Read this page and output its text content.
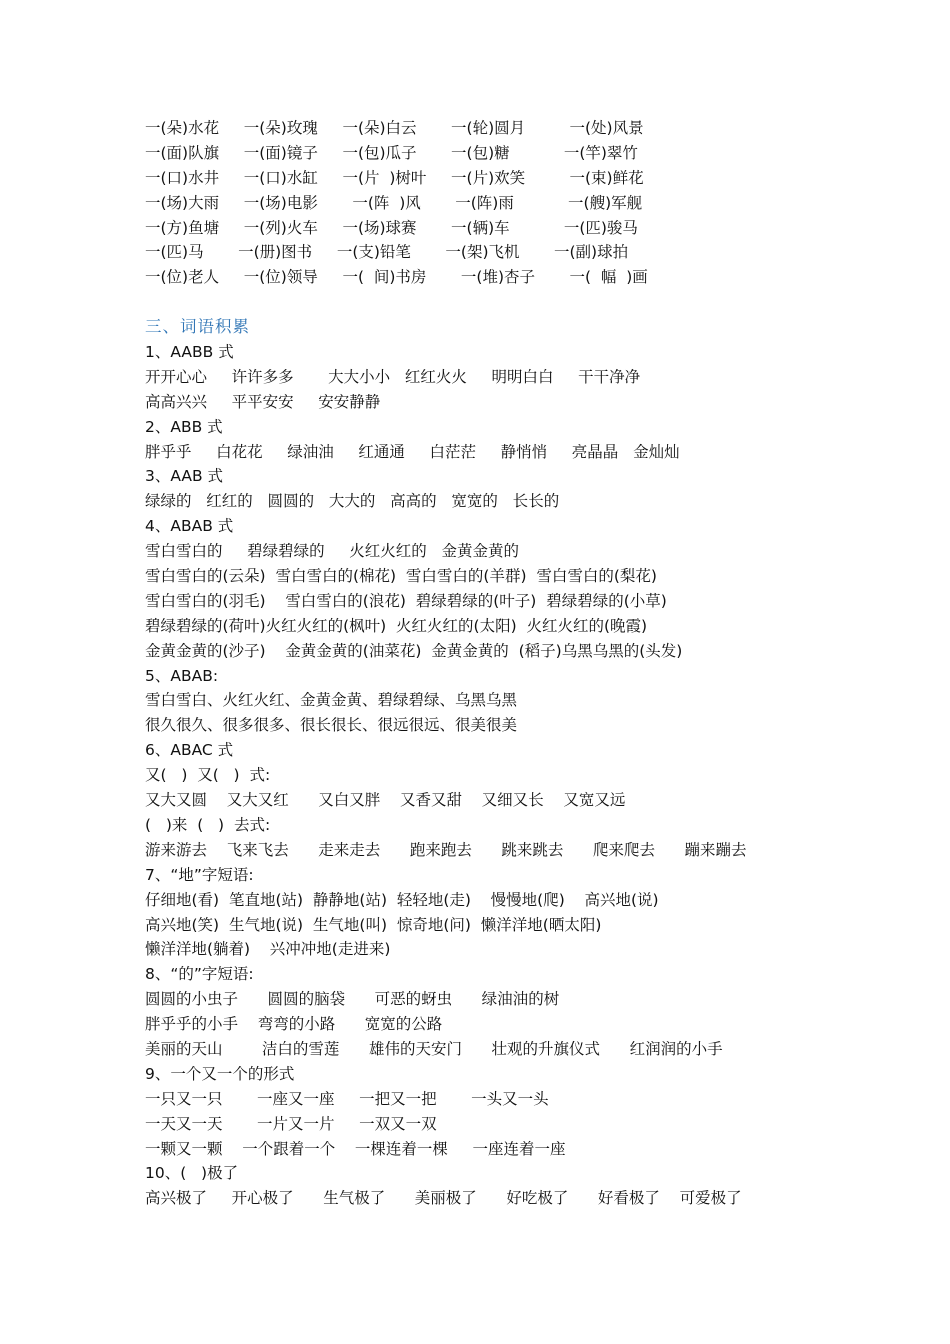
一(朵)水花     一(朵)玫瑰     一(朵)白云       一(轮)圆月         一(处)风景
一(面)队旗     一(面)镜子     一(包)瓜子       一(包)糖           一(竿)翠竹
一(口)水井     一(口)水缸     一(片  )树叶     一(片)欢笑         一(束)鲜花
一(场)大雨     一(场)电影       一(阵  )风       一(阵)雨           一(艘)军舰
一(方)鱼塘     一(列)火车     一(场)球赛       一(辆)车           一(匹)骏马
一(匹)马       一(册)图书     一(支)铅笔       一(架)飞机       一(副)球拍
一(位)老人     一(位)领导     一(  间)书房       一(堆)杏子       一(  幅  )画
三、词语积累
1、AABB 式
开开心心     许许多多       大大小小   红红火火     明明白白     干干净净
高高兴兴     平平安安     安安静静
2、ABB 式
胖乎乎     白花花     绿油油     红通通     白茫茫     静悄悄     亮晶晶   金灿灿
3、AAB 式
绿绿的   红红的   圆圆的   大大的   高高的   宽宽的   长长的
4、ABAB 式
雪白雪白的     碧绿碧绿的     火红火红的   金黄金黄的
雪白雪白的(云朵)  雪白雪白的(棉花)  雪白雪白的(羊群)  雪白雪白的(梨花)
雪白雪白的(羽毛)    雪白雪白的(浪花)  碧绿碧绿的(叶子)  碧绿碧绿的(小草)
碧绿碧绿的(荷叶)火红火红的(枫叶)  火红火红的(太阳)  火红火红的(晚霞)
金黄金黄的(沙子)    金黄金黄的(油菜花)  金黄金黄的  (稻子)乌黑乌黑的(头发)
5、ABAB:
雪白雪白、火红火红、金黄金黄、碧绿碧绿、乌黑乌黑
很久很久、很多很多、很长很长、很远很远、很美很美
6、ABAC 式
又(   )  又(   )  式:
又大又圆    又大又红      又白又胖    又香又甜    又细又长    又宽又远
(   )来  (   )  去式:
游来游去    飞来飞去      走来走去      跑来跑去      跳来跳去      爬来爬去      蹦来蹦去
7、“地”字短语:
仔细地(看)  笔直地(站)  静静地(站)  轻轻地(走)    慢慢地(爬)    高兴地(说)
高兴地(笑)  生气地(说)  生气地(叫)  惊奇地(问)  懒洋洋地(晒太阳)
懒洋洋地(躺着)    兴冲冲地(走进来)
8、“的”字短语:
圆圆的小虫子      圆圆的脑袋      可恶的蚜虫      绿油油的树
胖乎乎的小手    弯弯的小路      宽宽的公路
美丽的天山        洁白的雪莲      雄伟的天安门      壮观的升旗仪式      红润润的小手
9、一个又一个的形式
一只又一只       一座又一座     一把又一把       一头又一头
一天又一天       一片又一片     一双又一双
一颗又一颗    一个跟着一个    一棵连着一棵     一座连着一座
10、(   )极了
高兴极了     开心极了      生气极了      美丽极了      好吃极了      好看极了    可爱极了
